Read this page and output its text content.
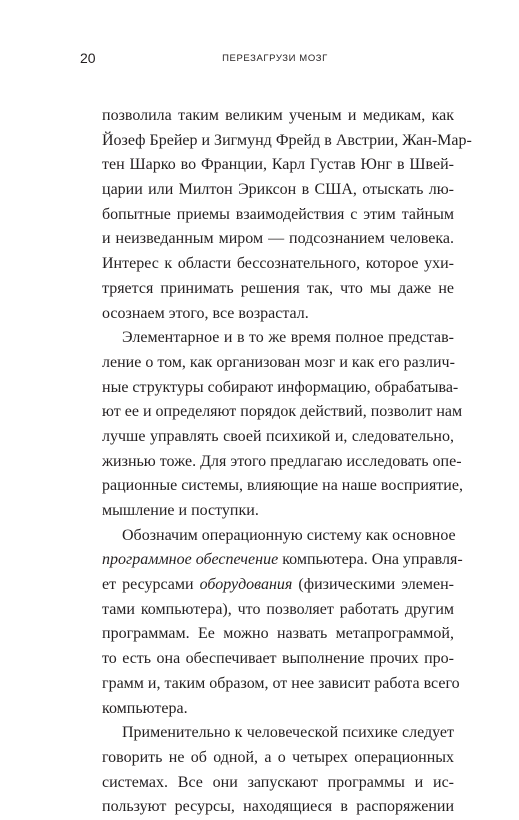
20	ПЕРЕЗАГРУЗИ МОЗГ
позволила таким великим ученым и медикам, как
Йозеф Брейер и Зигмунд Фрейд в Австрии, Жан-Мар-
тен Шарко во Франции, Карл Густав Юнг в Швей-
царии или Милтон Эриксон в США, отыскать лю-
бопытные приемы взаимодействия с этим тайным
и неизведанным миром — подсознанием человека.
Интерес к области бессознательного, которое ухи-
тряется принимать решения так, что мы даже не
осознаем этого, все возрастал.
Элементарное и в то же время полное представ-
ление о том, как организован мозг и как его различ-
ные структуры собирают информацию, обрабатыва-
ют ее и определяют порядок действий, позволит нам
лучше управлять своей психикой и, следовательно,
жизнью тоже. Для этого предлагаю исследовать опе-
рационные системы, влияющие на наше восприятие,
мышление и поступки.
Обозначим операционную систему как основное
программное обеспечение компьютера. Она управля-
ет ресурсами оборудования (физическими элемен-
тами компьютера), что позволяет работать другим
программам. Ее можно назвать метапрограммой,
то есть она обеспечивает выполнение прочих про-
грамм и, таким образом, от нее зависит работа всего
компьютера.
Применительно к человеческой психике следует
говорить не об одной, а о четырех операционных
системах. Все они запускают программы и ис-
пользуют ресурсы, находящиеся в распоряжении
